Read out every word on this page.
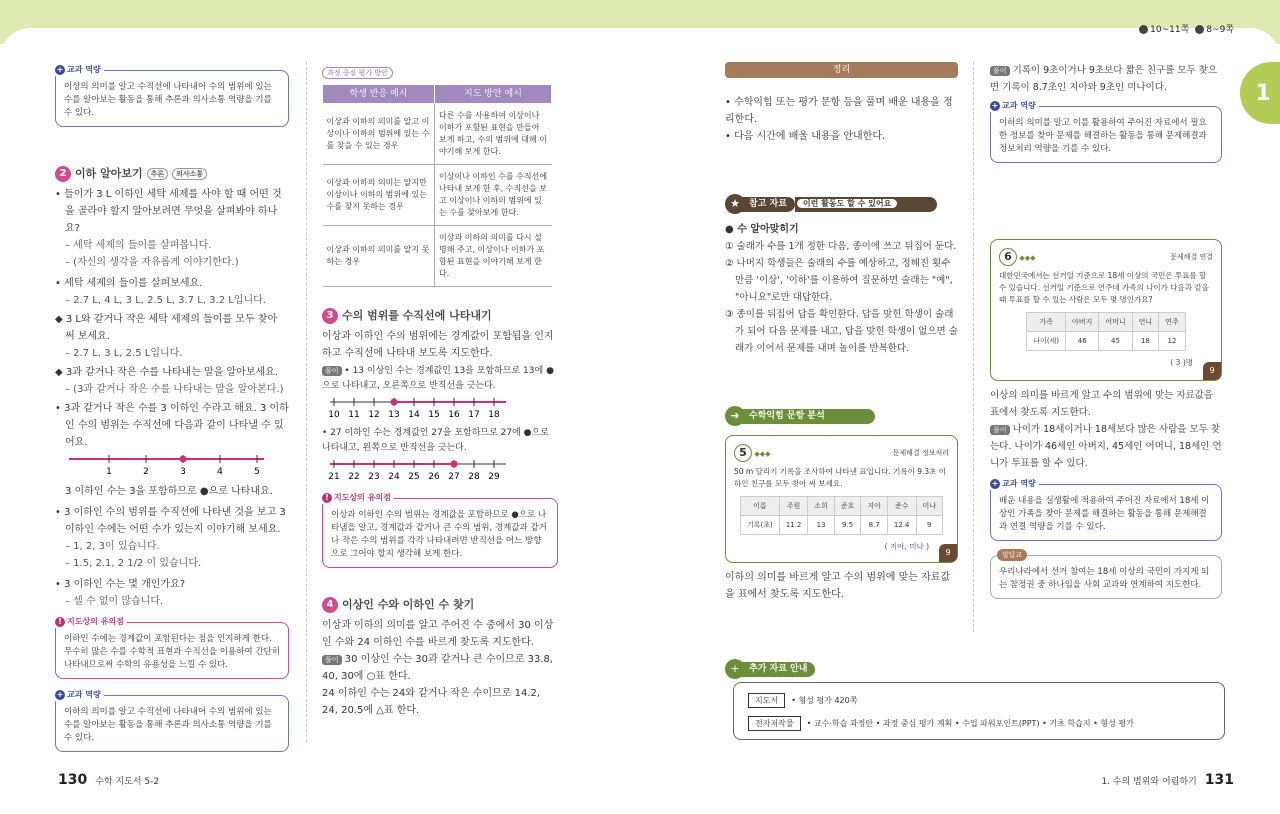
10~11쪽	8~9쪽
1
+ 교과 역량
이상의 의미를 알고 수직선에 나타내어 수의 범위에 있는 수를 알아보는 활동을 통해 추론과 의사소통 역량을 기를 수 있다.
2 이하 알아보기	추론	의사소통
• 들이가 3 L 이하인 세탁 세제를 사야 할 때 어떤 것을 골라야 할지 알아보려면 무엇을 살펴봐야 하나요?
– 세탁 세제의 들이를 살펴봅니다.
– (자신의 생각을 자유롭게 이야기한다.)
• 세탁 세제의 들이를 살펴보세요.
– 2.7 L, 4 L, 3 L, 2.5 L, 3.7 L, 3.2 L입니다.
◆ 3 L와 같거나 작은 세탁 세제의 들이를 모두 찾아 써 보세요.
– 2.7 L, 3 L, 2.5 L입니다.
◆ 3과 같거나 작은 수를 나타내는 말을 알아보세요.
– (3과 같거나 작은 수를 나타내는 말을 알아본다.)
• 3과 같거나 작은 수를 3 이하인 수라고 해요. 3 이하인 수의 범위는 수직선에 다음과 같이 나타낼 수 있어요.
1	2	3	4	5
3 이하인 수는 3을 포함하므로 ●으로 나타내요.
• 3 이하인 수의 범위를 수직선에 나타낸 것을 보고 3 이하인 수에는 어떤 수가 있는지 이야기해 보세요.
– 1, 2, 3이 있습니다.
– 1.5, 2.1, 2 1/2 이 있습니다.
• 3 이하인 수는 몇 개인가요?
– 셀 수 없이 많습니다.
! 지도상의 유의점
이하인 수에는 경계값이 포함된다는 점을 인지하게 한다. 무수히 많은 수를 수학적 표현과 수직선을 이용하여 간단히 나타내므로써 수학의 유용성을 느낄 수 있다.
+ 교과 역량
이하의 의미를 알고 수직선에 나타내어 수의 범위에 있는 수를 알아보는 활동을 통해 추론과 의사소통 역량을 기를 수 있다.
130 수학 지도서 5-2
과정 중심 평가 방안
학생 반응 예시	지도 방안 예시
이상과 이하의 의미를 알고 이상이나 이하의 범위에 있는 수를 찾을 수 있는 경우	다른 수를 사용하여 이상이나 이하가 포함된 표현을 만들어 보게 하고, 수의 범위에 대해 이야기해 보게 한다.
이상과 이하의 의미는 알지만 이상이나 이하의 범위에 있는 수를 찾지 못하는 경우	이상이나 이하인 수를 수직선에 나타내 보게 한 후, 수직선을 보고 이상이나 이하의 범위에 있는 수를 찾아보게 한다.
이상과 이하의 의미를 알지 못하는 경우	이상과 이하의 의미를 다시 설명해 주고, 이상이나 이하가 포함된 표현을 이야기해 보게 한다.
3 수의 범위를 수직선에 나타내기
이상과 이하인 수의 범위에는 경계값이 포함됨을 인지하고 수직선에 나타내 보도록 지도한다.
풀이 • 13 이상인 수는 경계값인 13을 포함하므로 13에 ●으로 나타내고, 오른쪽으로 반직선을 긋는다.
10 11 12 13 14 15 16 17 18
• 27 이하인 수는 경계값인 27을 포함하므로 27에 ●으로 나타내고, 왼쪽으로 반직선을 긋는다.
21 22 23 24 25 26 27 28 29
! 지도상의 유의점
이상과 이하인 수의 범위는 경계값을 포함하므로 ●으로 나타냄을 알고, 경계값과 같거나 큰 수의 범위, 경계값과 같거나 작은 수의 범위를 각각 나타내려면 반직선을 어느 방향으로 그어야 할지 생각해 보게 한다.
4 이상인 수와 이하인 수 찾기
이상과 이하의 의미를 알고 주어진 수 중에서 30 이상인 수와 24 이하인 수를 바르게 찾도록 지도한다.
풀이 30 이상인 수는 30과 같거나 큰 수이므로 33.8, 40, 30에 ○표 한다.
24 이하인 수는 24와 같거나 작은 수이므로 14.2, 24, 20.5에 △표 한다.
정리
• 수학익힘 또는 평가 문항 등을 풀며 배운 내용을 정리한다.
• 다음 시간에 배울 내용을 안내한다.
★	참고 자료	이런 활동도 할 수 있어요
● 수 알아맞히기
① 술래가 수를 1개 정한 다음, 종이에 쓰고 뒤집어 둔다.
② 나머지 학생들은 술래의 수를 예상하고, 정해진 횟수만큼 '이상', '이하'를 이용하여 질문하면 술래는 "예", "아니요"로만 대답한다.
③ 종이를 뒤집어 답을 확인한다. 답을 맞힌 학생이 술래가 되어 다음 문제를 내고, 답을 맞힌 학생이 없으면 술래가 이어서 문제를 내며 놀이를 반복한다.
➜	수학익힘 문항 분석
5 ◆◆◆	문제해결 정보처리
50 m 달리기 기록을 조사하여 나타낸 표입니다. 기록이 9.3초 이하인 친구를 모두 찾아 써 보세요.
이름	주원	소희	준호	지아	준수	미나
기록(초)	11.2	13	9.5	8.7	12.4	9
( 지아, 미나 )
9
이하의 의미를 바르게 알고 수의 범위에 맞는 자료값을 표에서 찾도록 지도한다.
+	추가 자료 안내
지도서 • 형성 평가 420쪽
전자저작물 • 교수·학습 과정안 • 과정 중심 평가 계획 • 수업 파워포인트(PPT) • 기초 학습지 • 형성 평가
풀이 기록이 9초이거나 9초보다 짧은 친구를 모두 찾으면 기록이 8.7초인 지아와 9초인 미나이다.
+ 교과 역량
이하의 의미를 알고 이를 활용하여 주어진 자료에서 필요한 정보를 찾아 문제를 해결하는 활동을 통해 문제해결과 정보처리 역량을 기를 수 있다.
6 ◆◆◆	문제해결 연결
대한민국에서는 선거일 기준으로 18세 이상의 국민은 투표를 할 수 있습니다. 선거일 기준으로 연주네 가족의 나이가 다음과 같을 때 투표를 할 수 있는 사람은 모두 몇 명인가요?
가족	아버지	어머니	언니	연주
나이(세)	46	45	18	12
( 3 )명
9
이상의 의미를 바르게 알고 수의 범위에 맞는 자료값을 표에서 찾도록 지도한다.
풀이 나이가 18세이거나 18세보다 많은 사람을 모두 찾는다. 나이가 46세인 아버지, 45세인 어머니, 18세인 언니가 투표를 할 수 있다.
+ 교과 역량
배운 내용을 실생활에 적용하여 주어진 자료에서 18세 이상인 가족을 찾아 문제를 해결하는 활동을 통해 문제해결과 연결 역량을 기를 수 있다.
발달교
우리나라에서 선거 참여는 18세 이상의 국민이 가지게 되는 참정권 중 하나임을 사회 교과와 연계하여 지도한다.
1. 수의 범위와 어림하기 131
